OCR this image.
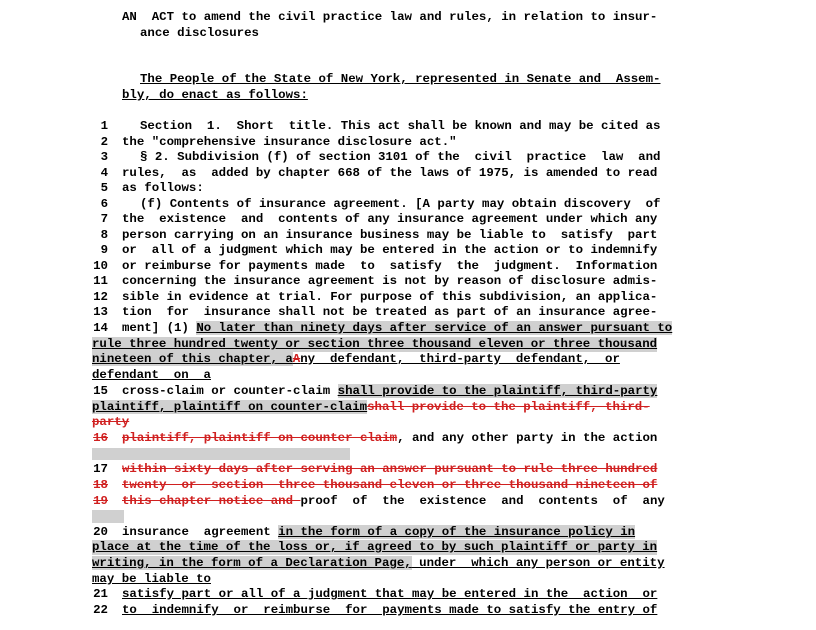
AN  ACT to amend the civil practice law and rules, in relation to insur-
ance disclosures
The People of the State of New York, represented in Senate and  Assem-
bly, do enact as follows:
1	Section  1.  Short  title. This act shall be known and may be cited as
2 the "comprehensive insurance disclosure act."
3	§ 2. Subdivision (f) of section 3101 of the  civil  practice  law  and
4 rules,  as  added by chapter 668 of the laws of 1975, is amended to read
5 as follows:
6	(f) Contents of insurance agreement. [A party may obtain discovery  of
7 the  existence  and  contents of any insurance agreement under which any
8 person carrying on an insurance business may be liable to  satisfy  part
9 or  all of a judgment which may be entered in the action or to indemnify
10 or reimburse for payments made  to  satisfy  the  judgment.  Information
11 concerning the insurance agreement is not by reason of disclosure admis-
12 sible in evidence at trial. For purpose of this subdivision, an applica-
13 tion  for  insurance shall not be treated as part of an insurance agree-
14 ment] (1) No later than ninety days after service of an answer pursuant to
rule three hundred twenty or section three thousand eleven or three thousand
nineteen of this chapter, aAny  defendant,  third-party  defendant,  or
defendant  on  a
15 cross-claim or counter-claim shall provide to the plaintiff, third-party
plaintiff, plaintiff on counter-claimshall provide to the plaintiff, third-
party
16 plaintiff, plaintiff on counter claim, and any other party in the action
17 within sixty days after serving an answer pursuant to rule three hundred
18 twenty  or  section  three thousand eleven or three thousand nineteen of
19 this chapter notice and proof  of  the  existence  and  contents  of  any
20 insurance  agreement in the form of a copy of the insurance policy in
place at the time of the loss or, if agreed to by such plaintiff or party in
writing, in the form of a Declaration Page, under  which any person or entity
may be liable to
21 satisfy part or all of a judgment that may be entered in the  action  or
22 to  indemnify  or  reimburse  for  payments made to satisfy the entry of
